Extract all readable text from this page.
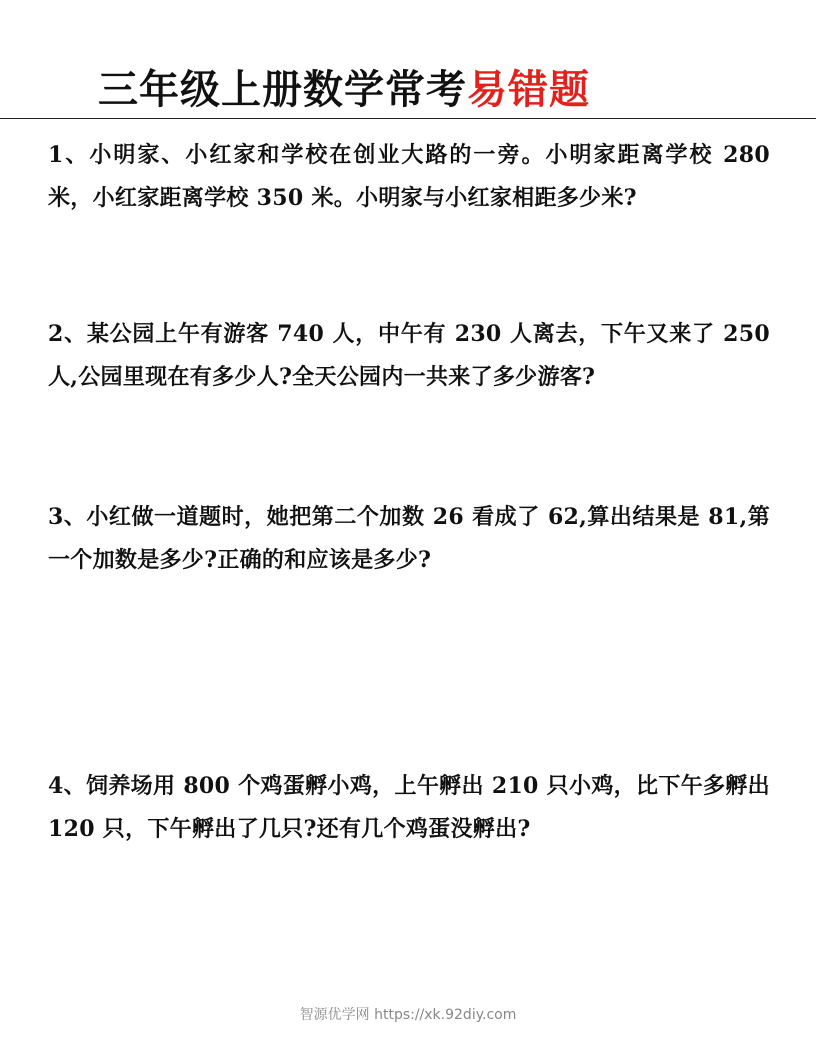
三年级上册数学常考易错题

1、小明家、小红家和学校在创业大路的一旁。小明家距离学校 280 米，小红家距离学校 350 米。小明家与小红家相距多少米?

2、某公园上午有游客 740 人，中午有 230 人离去，下午又来了 250 人,公园里现在有多少人?全天公园内一共来了多少游客?

3、小红做一道题时，她把第二个加数 26 看成了 62,算出结果是 81,第一个加数是多少?正确的和应该是多少?

4、饲养场用 800 个鸡蛋孵小鸡，上午孵出 210 只小鸡，比下午多孵出 120 只，下午孵出了几只?还有几个鸡蛋没孵出?

智源优学网 https://xk.92diy.com
